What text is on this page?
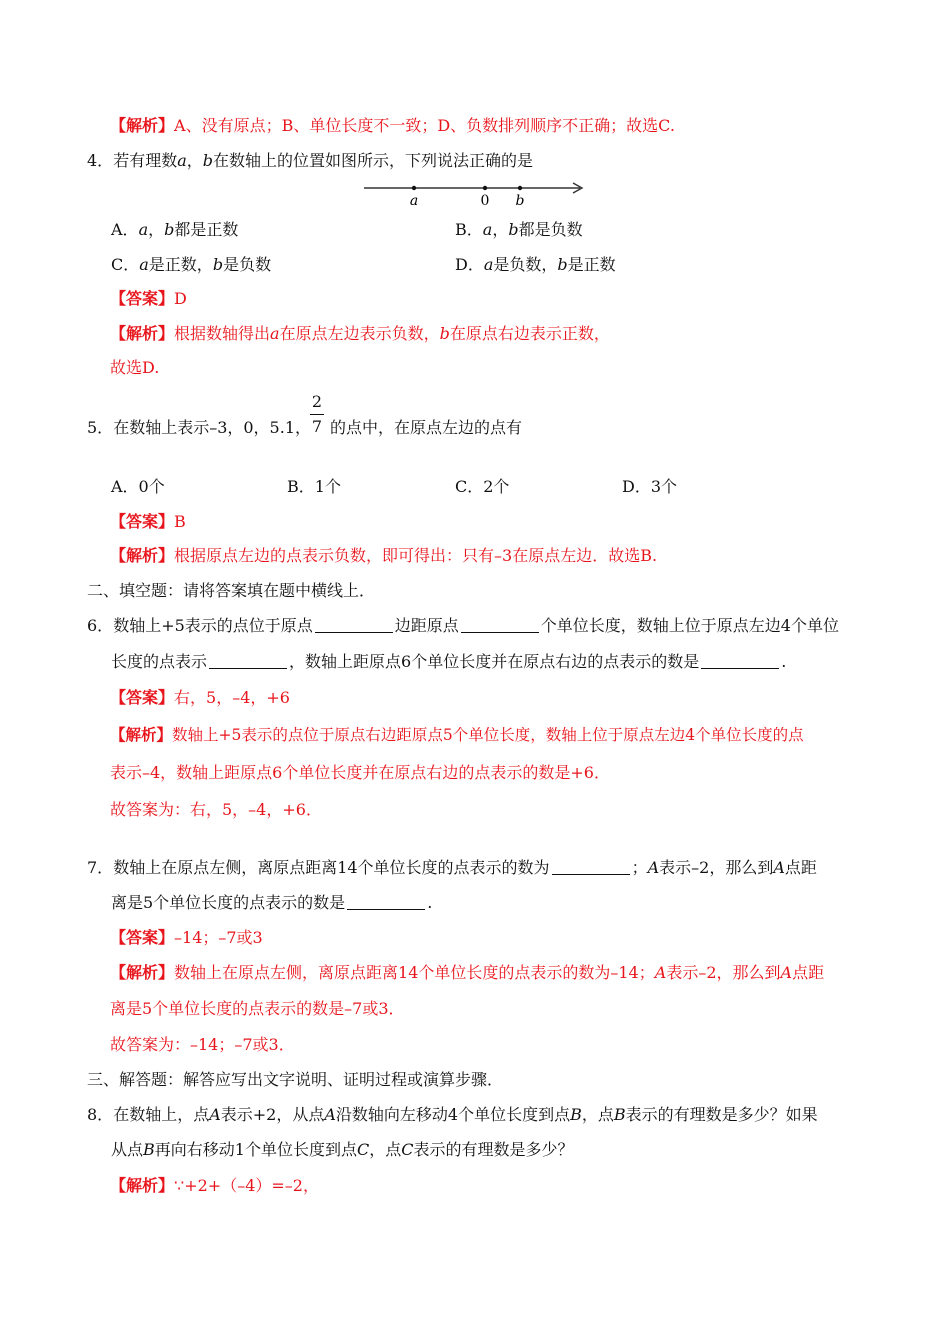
【解析】A、没有原点；B、单位长度不一致；D、负数排列顺序不正确；故选C.
4．若有理数a，b在数轴上的位置如图所示，下列说法正确的是
a	0 b
A．a，b都是正数	B．a，b都是负数
C．a是正数，b是负数	D．a是负数，b是正数
【答案】D
【解析】根据数轴得出a在原点左边表示负数，b在原点右边表示正数，
故选D.
5．在数轴上表示–3，0，5.1，
2
7 的点中，在原点左边的点有
A．0个	B．1个	C．2个	D．3个
【答案】B
【解析】根据原点左边的点表示负数，即可得出：只有–3在原点左边．故选B.
二、填空题：请将答案填在题中横线上．
6．数轴上+5表示的点位于原点	边距原点	个单位长度，数轴上位于原点左边4个单位
长度的点表示	，数轴上距原点6个单位长度并在原点右边的点表示的数是	.
【答案】右，5，–4，+6
【解析】数轴上+5表示的点位于原点右边距原点5个单位长度，数轴上位于原点左边4个单位长度的点
表示–4，数轴上距原点6个单位长度并在原点右边的点表示的数是+6．
故答案为：右，5，–4，+6．
7．数轴上在原点左侧，离原点距离14个单位长度的点表示的数为	；A表示–2，那么到A点距
离是5个单位长度的点表示的数是	.
【答案】–14；–7或3
【解析】数轴上在原点左侧，离原点距离14个单位长度的点表示的数为–14；A表示–2，那么到A点距
离是5个单位长度的点表示的数是–7或3．
故答案为：–14；–7或3．
三、解答题：解答应写出文字说明、证明过程或演算步骤．
8．在数轴上，点A表示+2，从点A沿数轴向左移动4个单位长度到点B，点B表示的有理数是多少？如果
从点B再向右移动1个单位长度到点C，点C表示的有理数是多少？
【解析】∵+2+（–4）=–2，
